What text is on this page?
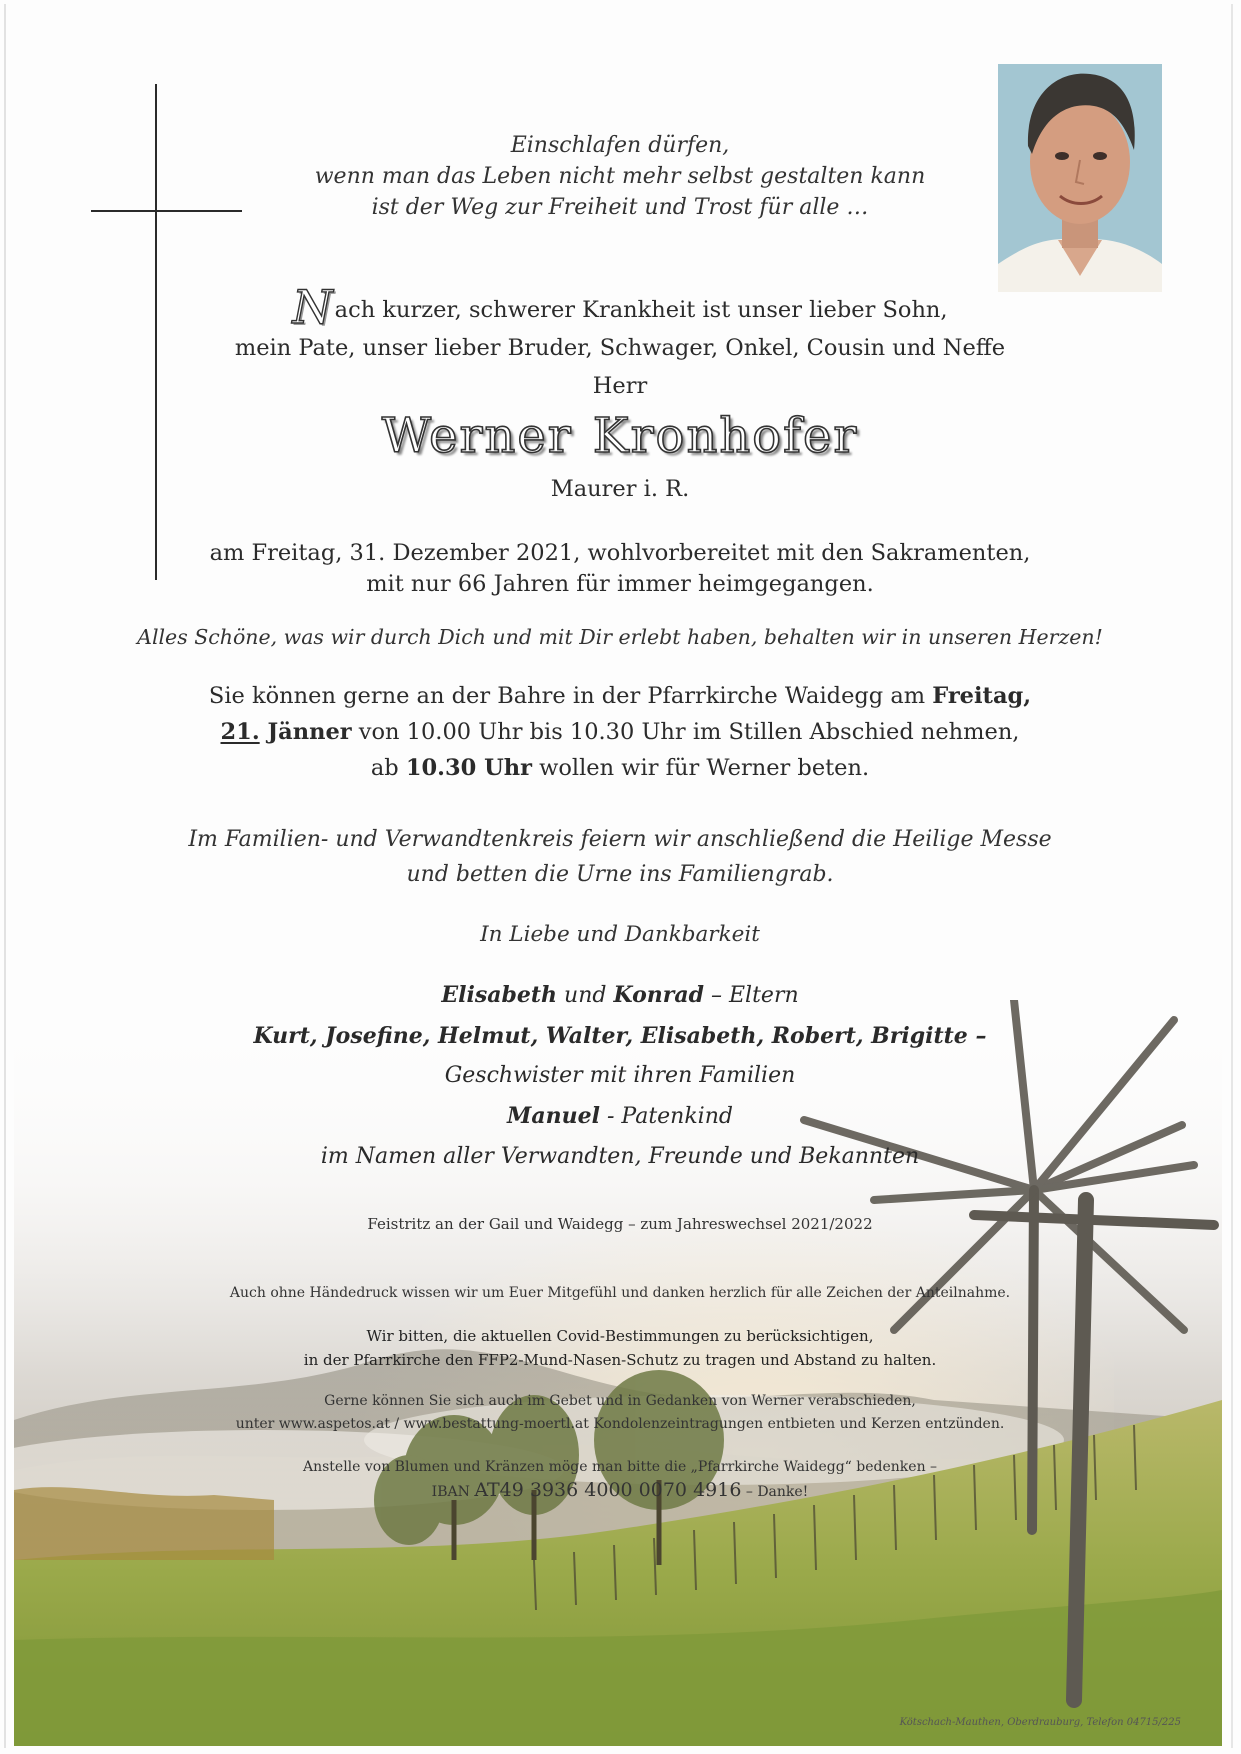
Einschlafen dürfen,
wenn man das Leben nicht mehr selbst gestalten kann
ist der Weg zur Freiheit und Trost für alle …
Nach kurzer, schwerer Krankheit ist unser lieber Sohn,
mein Pate, unser lieber Bruder, Schwager, Onkel, Cousin und Neffe
Herr
Werner Kronhofer
Maurer i. R.
am Freitag, 31. Dezember 2021, wohlvorbereitet mit den Sakramenten,
mit nur 66 Jahren für immer heimgegangen.
Alles Schöne, was wir durch Dich und mit Dir erlebt haben, behalten wir in unseren Herzen!
Sie können gerne an der Bahre in der Pfarrkirche Waidegg am Freitag,
21. Jänner von 10.00 Uhr bis 10.30 Uhr im Stillen Abschied nehmen,
ab 10.30 Uhr wollen wir für Werner beten.
Im Familien- und Verwandtenkreis feiern wir anschließend die Heilige Messe
und betten die Urne ins Familiengrab.
In Liebe und Dankbarkeit
Elisabeth und Konrad – Eltern
Kurt, Josefine, Helmut, Walter, Elisabeth, Robert, Brigitte –
Geschwister mit ihren Familien
Manuel - Patenkind
im Namen aller Verwandten, Freunde und Bekannten
Feistritz an der Gail und Waidegg – zum Jahreswechsel 2021/2022
Auch ohne Händedruck wissen wir um Euer Mitgefühl und danken herzlich für alle Zeichen der Anteilnahme.
Wir bitten, die aktuellen Covid-Bestimmungen zu berücksichtigen,
in der Pfarrkirche den FFP2-Mund-Nasen-Schutz zu tragen und Abstand zu halten.
Gerne können Sie sich auch im Gebet und in Gedanken von Werner verabschieden,
unter www.aspetos.at / www.bestattung-moertl.at Kondolenzeintragungen entbieten und Kerzen entzünden.
Anstelle von Blumen und Kränzen möge man bitte die „Pfarrkirche Waidegg“ bedenken –
IBAN AT49 3936 4000 0070 4916 – Danke!
Kötschach-Mauthen, Oberdrauburg, Telefon 04715/225
